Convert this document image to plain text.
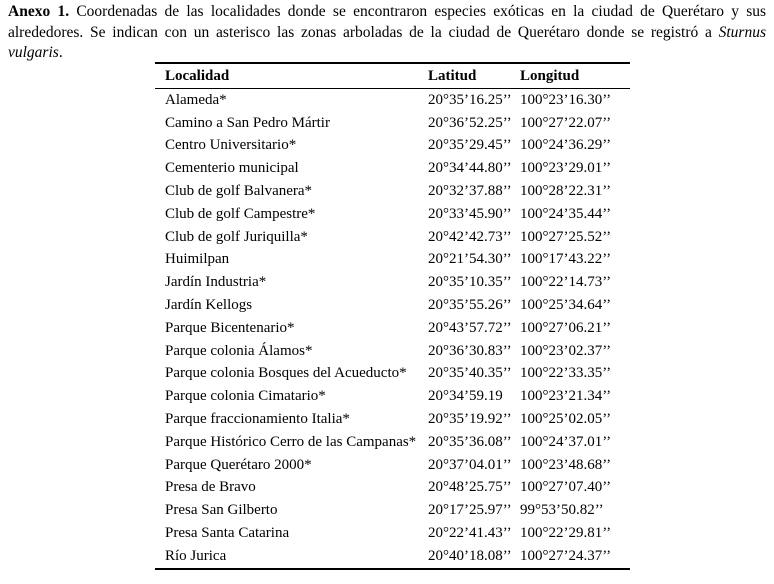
Anexo 1. Coordenadas de las localidades donde se encontraron especies exóticas en la ciudad de Querétaro y sus alrededores. Se indican con un asterisco las zonas arboladas de la ciudad de Querétaro donde se registró a Sturnus vulgaris.

Localidad	Latitud	Longitud
Alameda*	20°35’16.25’’	100°23’16.30’’
Camino a San Pedro Mártir	20°36’52.25’’	100°27’22.07’’
Centro Universitario*	20°35’29.45’’	100°24’36.29’’
Cementerio municipal	20°34’44.80’’	100°23’29.01’’
Club de golf Balvanera*	20°32’37.88’’	100°28’22.31’’
Club de golf Campestre*	20°33’45.90’’	100°24’35.44’’
Club de golf Juriquilla*	20°42’42.73’’	100°27’25.52’’
Huimilpan	20°21’54.30’’	100°17’43.22’’
Jardín Industria*	20°35’10.35’’	100°22’14.73’’
Jardín Kellogs	20°35’55.26’’	100°25’34.64’’
Parque Bicentenario*	20°43’57.72’’	100°27’06.21’’
Parque colonia Álamos*	20°36’30.83’’	100°23’02.37’’
Parque colonia Bosques del Acueducto*	20°35’40.35’’	100°22’33.35’’
Parque colonia Cimatario*	20°34’59.19	100°23’21.34’’
Parque fraccionamiento Italia*	20°35’19.92’’	100°25’02.05’’
Parque Histórico Cerro de las Campanas*	20°35’36.08’’	100°24’37.01’’
Parque Querétaro 2000*	20°37’04.01’’	100°23’48.68’’
Presa de Bravo	20°48’25.75’’	100°27’07.40’’
Presa San Gilberto	20°17’25.97’’	99°53’50.82’’
Presa Santa Catarina	20°22’41.43’’	100°22’29.81’’
Río Jurica	20°40’18.08’’	100°27’24.37’’
